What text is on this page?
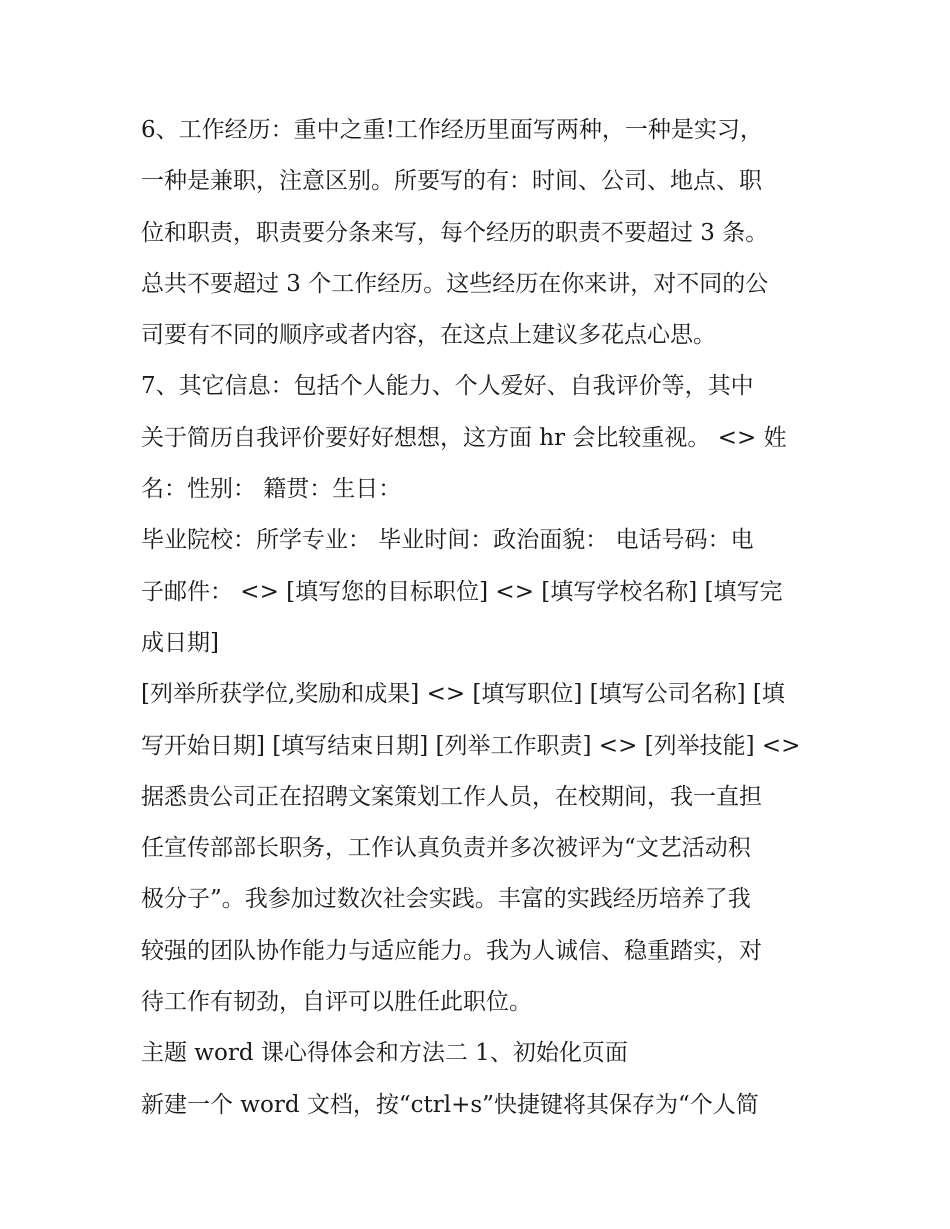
6、工作经历：重中之重!工作经历里面写两种，一种是实习，
一种是兼职，注意区别。所要写的有：时间、公司、地点、职
位和职责，职责要分条来写，每个经历的职责不要超过 3 条。
总共不要超过 3 个工作经历。这些经历在你来讲，对不同的公
司要有不同的顺序或者内容，在这点上建议多花点心思。
7、其它信息：包括个人能力、个人爱好、自我评价等，其中
关于简历自我评价要好好想想，这方面 hr 会比较重视。 <> 姓
名：性别： 籍贯：生日：
毕业院校：所学专业： 毕业时间：政治面貌： 电话号码：电
子邮件： <> [填写您的目标职位] <> [填写学校名称] [填写完
成日期]
[列举所获学位,奖励和成果] <> [填写职位] [填写公司名称] [填
写开始日期] [填写结束日期] [列举工作职责] <> [列举技能] <>
据悉贵公司正在招聘文案策划工作人员，在校期间，我一直担
任宣传部部长职务，工作认真负责并多次被评为“文艺活动积
极分子”。我参加过数次社会实践。丰富的实践经历培养了我
较强的团队协作能力与适应能力。我为人诚信、稳重踏实，对
待工作有韧劲，自评可以胜任此职位。
主题 word 课心得体会和方法二 1、初始化页面
新建一个 word 文档，按“ctrl+s”快捷键将其保存为“个人简
